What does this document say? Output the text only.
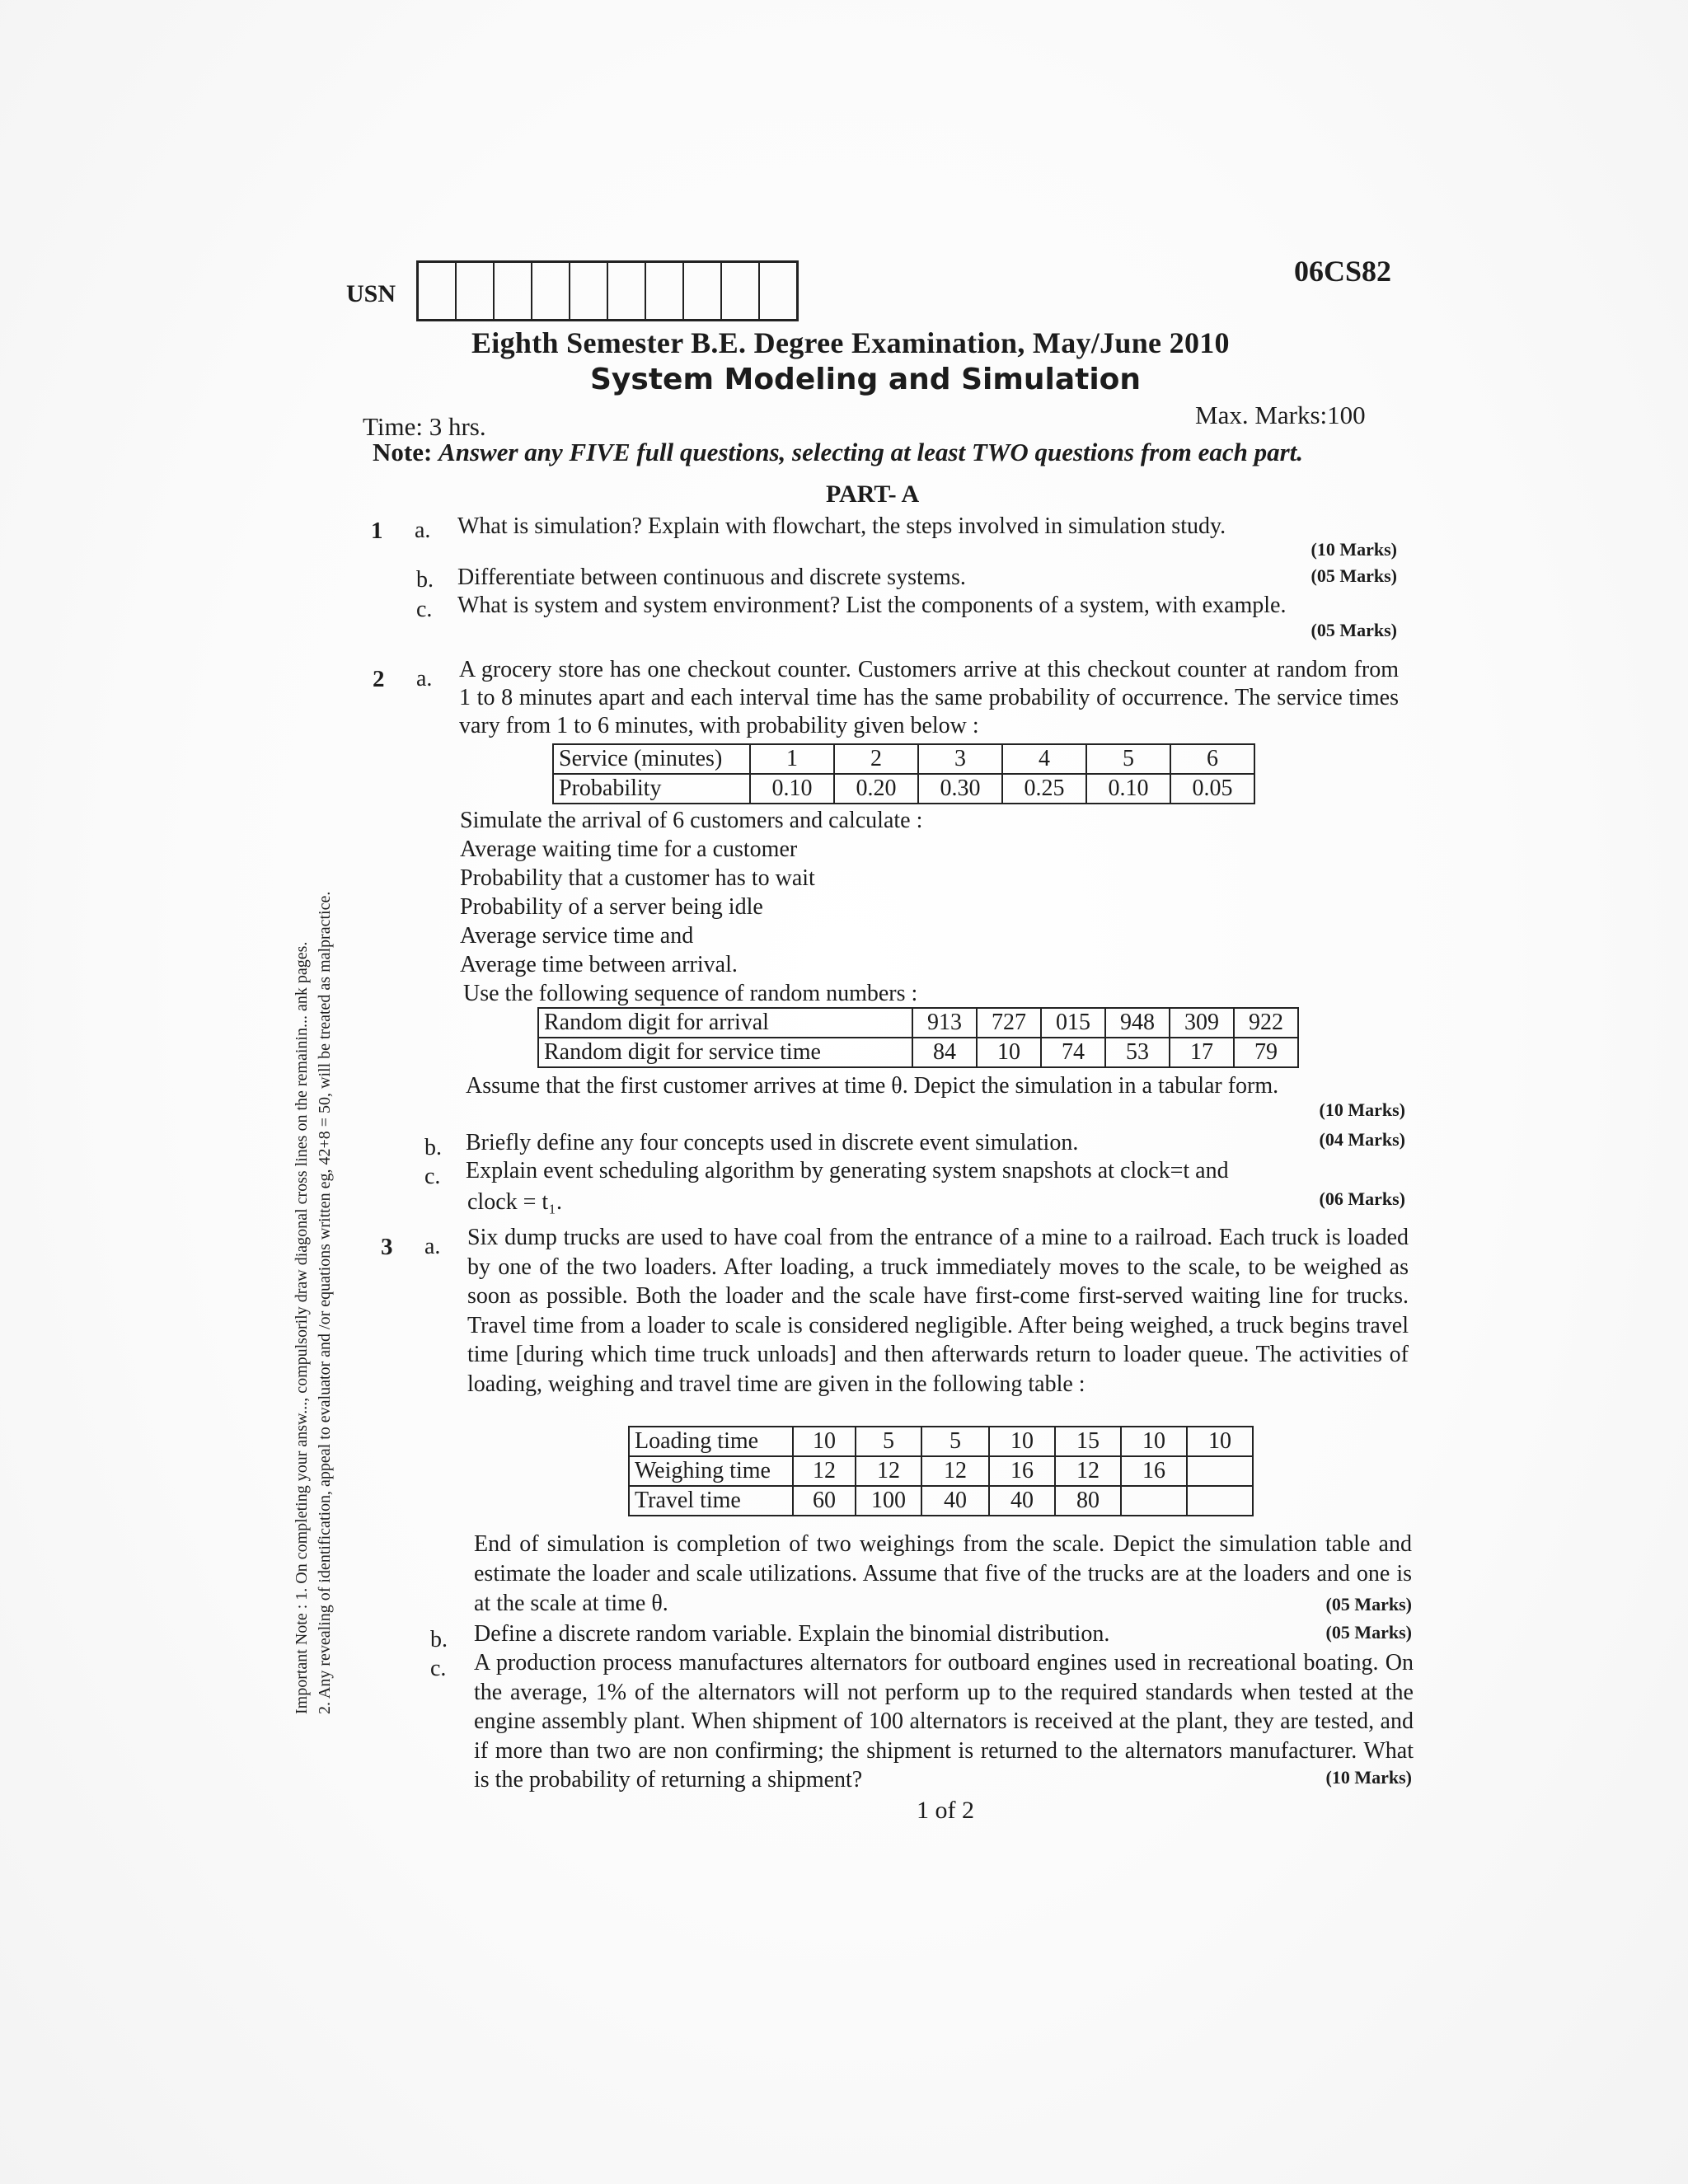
USN
06CS82
Eighth Semester B.E. Degree Examination, May/June 2010
System Modeling and Simulation
Time: 3 hrs.	Max. Marks:100
Note: Answer any FIVE full questions, selecting at least TWO questions from each part.
PART- A
Important Note : 1. On completing your answ..., compulsorily draw diagonal cross lines on the remainin... ank pages. 2. Any revealing of identification, appeal to evaluator and /or equations written eg, 42+8 = 50, will be treated as malpractice.
1 a. What is simulation? Explain with flowchart, the steps involved in simulation study.
(10 Marks)
b. Differentiate between continuous and discrete systems.	(05 Marks)
c. What is system and system environment? List the components of a system, with example.
(05 Marks)
2 a. A grocery store has one checkout counter. Customers arrive at this checkout counter at random from 1 to 8 minutes apart and each interval time has the same probability of occurrence. The service times vary from 1 to 6 minutes, with probability given below :
Service (minutes)	1	2	3	4	5	6
Probability	0.10	0.20	0.30	0.25	0.10	0.05
Simulate the arrival of 6 customers and calculate :
Average waiting time for a customer
Probability that a customer has to wait
Probability of a server being idle
Average service time and
Average time between arrival.
Use the following sequence of random numbers :
Random digit for arrival	913	727	015	948	309	922
Random digit for service time	84	10	74	53	17	79
Assume that the first customer arrives at time θ. Depict the simulation in a tabular form.
(10 Marks)
b. Briefly define any four concepts used in discrete event simulation.	(04 Marks)
c. Explain event scheduling algorithm by generating system snapshots at clock=t and
clock = t₁.	(06 Marks)
3 a. Six dump trucks are used to have coal from the entrance of a mine to a railroad. Each truck is loaded by one of the two loaders. After loading, a truck immediately moves to the scale, to be weighed as soon as possible. Both the loader and the scale have first-come first-served waiting line for trucks. Travel time from a loader to scale is considered negligible. After being weighed, a truck begins travel time [during which time truck unloads] and then afterwards return to loader queue. The activities of loading, weighing and travel time are given in the following table :
Loading time	10	5	5	10	15	10	10
Weighing time	12	12	12	16	12	16	
Travel time	60	100	40	40	80		
End of simulation is completion of two weighings from the scale. Depict the simulation table and estimate the loader and scale utilizations. Assume that five of the trucks are at the loaders and one is at the scale at time θ.	(05 Marks)
b. Define a discrete random variable. Explain the binomial distribution.	(05 Marks)
c. A production process manufactures alternators for outboard engines used in recreational boating. On the average, 1% of the alternators will not perform up to the required standards when tested at the engine assembly plant. When shipment of 100 alternators is received at the plant, they are tested, and if more than two are non confirming; the shipment is returned to the alternators manufacturer. What is the probability of returning a shipment?	(10 Marks)
1 of 2
